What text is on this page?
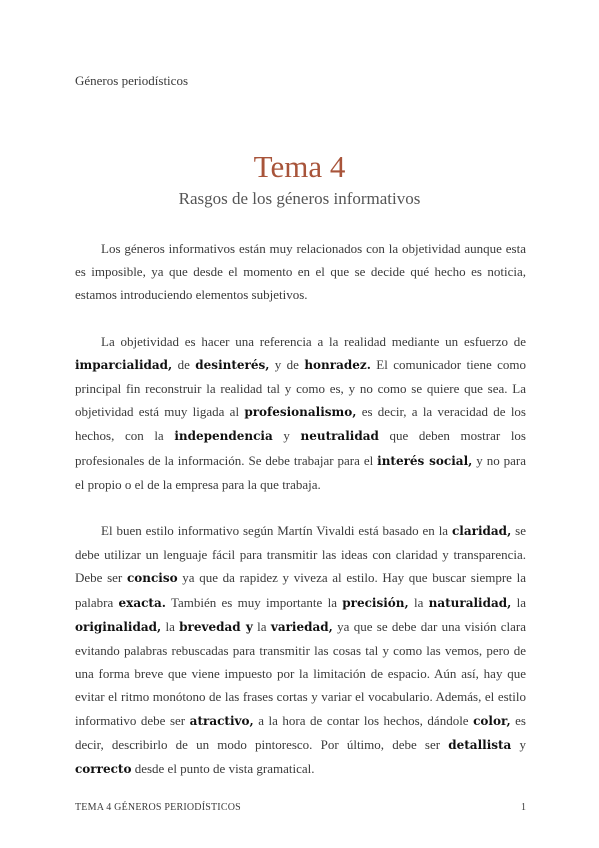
Géneros periodísticos
Tema 4
Rasgos de los géneros informativos

Los géneros informativos están muy relacionados con la objetividad aunque esta es imposible, ya que desde el momento en el que se decide qué hecho es noticia, estamos introduciendo elementos subjetivos.

La objetividad es hacer una referencia a la realidad mediante un esfuerzo de imparcialidad, de desinterés, y de honradez. El comunicador tiene como principal fin reconstruir la realidad tal y como es, y no como se quiere que sea. La objetividad está muy ligada al profesionalismo, es decir, a la veracidad de los hechos, con la independencia y neutralidad que deben mostrar los profesionales de la información. Se debe trabajar para el interés social, y no para el propio o el de la empresa para la que trabaja.

El buen estilo informativo según Martín Vivaldi está basado en la claridad, se debe utilizar un lenguaje fácil para transmitir las ideas con claridad y transparencia. Debe ser conciso ya que da rapidez y viveza al estilo. Hay que buscar siempre la palabra exacta. También es muy importante la precisión, la naturalidad, la originalidad, la brevedad y la variedad, ya que se debe dar una visión clara evitando palabras rebuscadas para transmitir las cosas tal y como las vemos, pero de una forma breve que viene impuesto por la limitación de espacio. Aún así, hay que evitar el ritmo monótono de las frases cortas y variar el vocabulario. Además, el estilo informativo debe ser atractivo, a la hora de contar los hechos, dándole color, es decir, describirlo de un modo pintoresco. Por último, debe ser detallista y correcto desde el punto de vista gramatical.

TEMA 4 GÉNEROS PERIODÍSTICOS	1
